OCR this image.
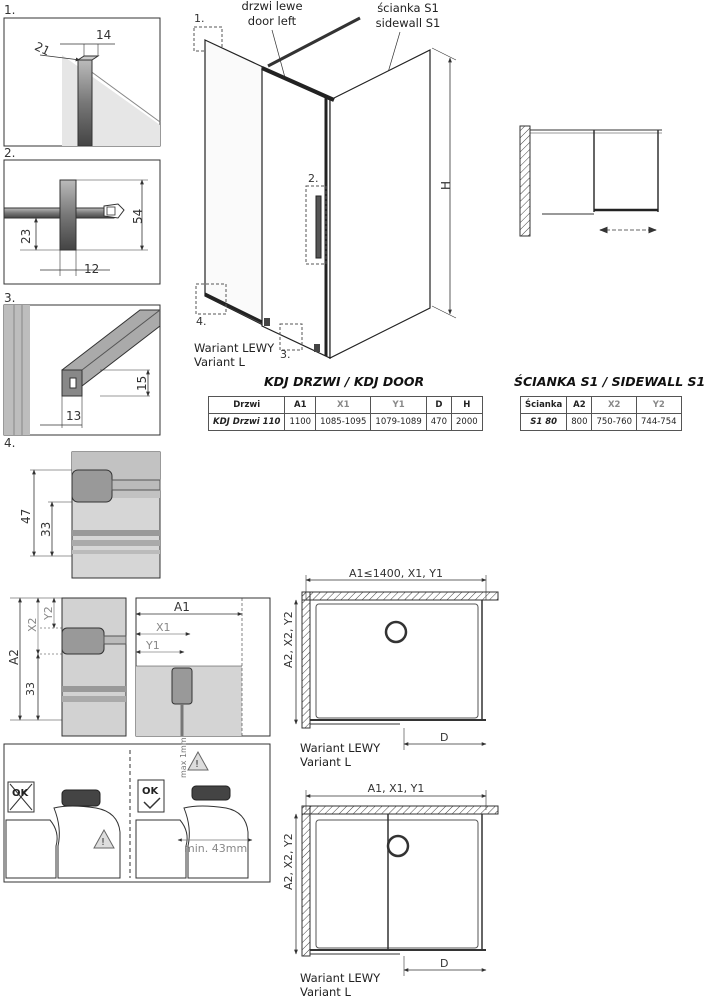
1.
21
14
2.
54
23
12
3.
15
13
4.
47
33
1.
drzwi lewe
door left
ścianka S1
sidewall S1
2.
4.
3.
H
Wariant LEWY
Variant L
A2
X2
Y2
33
A1
X1
Y1
OK
!
OK
!
max 1mm
min. 43mm
A1≤1400, X1, Y1
A2, X2, Y2
D
Wariant LEWY
Variant L
A1, X1, Y1
A2, X2, Y2
D
Wariant LEWY
Variant L
KDJ DRZWI / KDJ DOOR
Drzwi	A1	X1	Y1	D	H
KDJ Drzwi 110	1100	1085-1095	1079-1089	470	2000
ŚCIANKA S1 / SIDEWALL S1
Ścianka	A2	X2	Y2
S1 80	800	750-760	744-754
